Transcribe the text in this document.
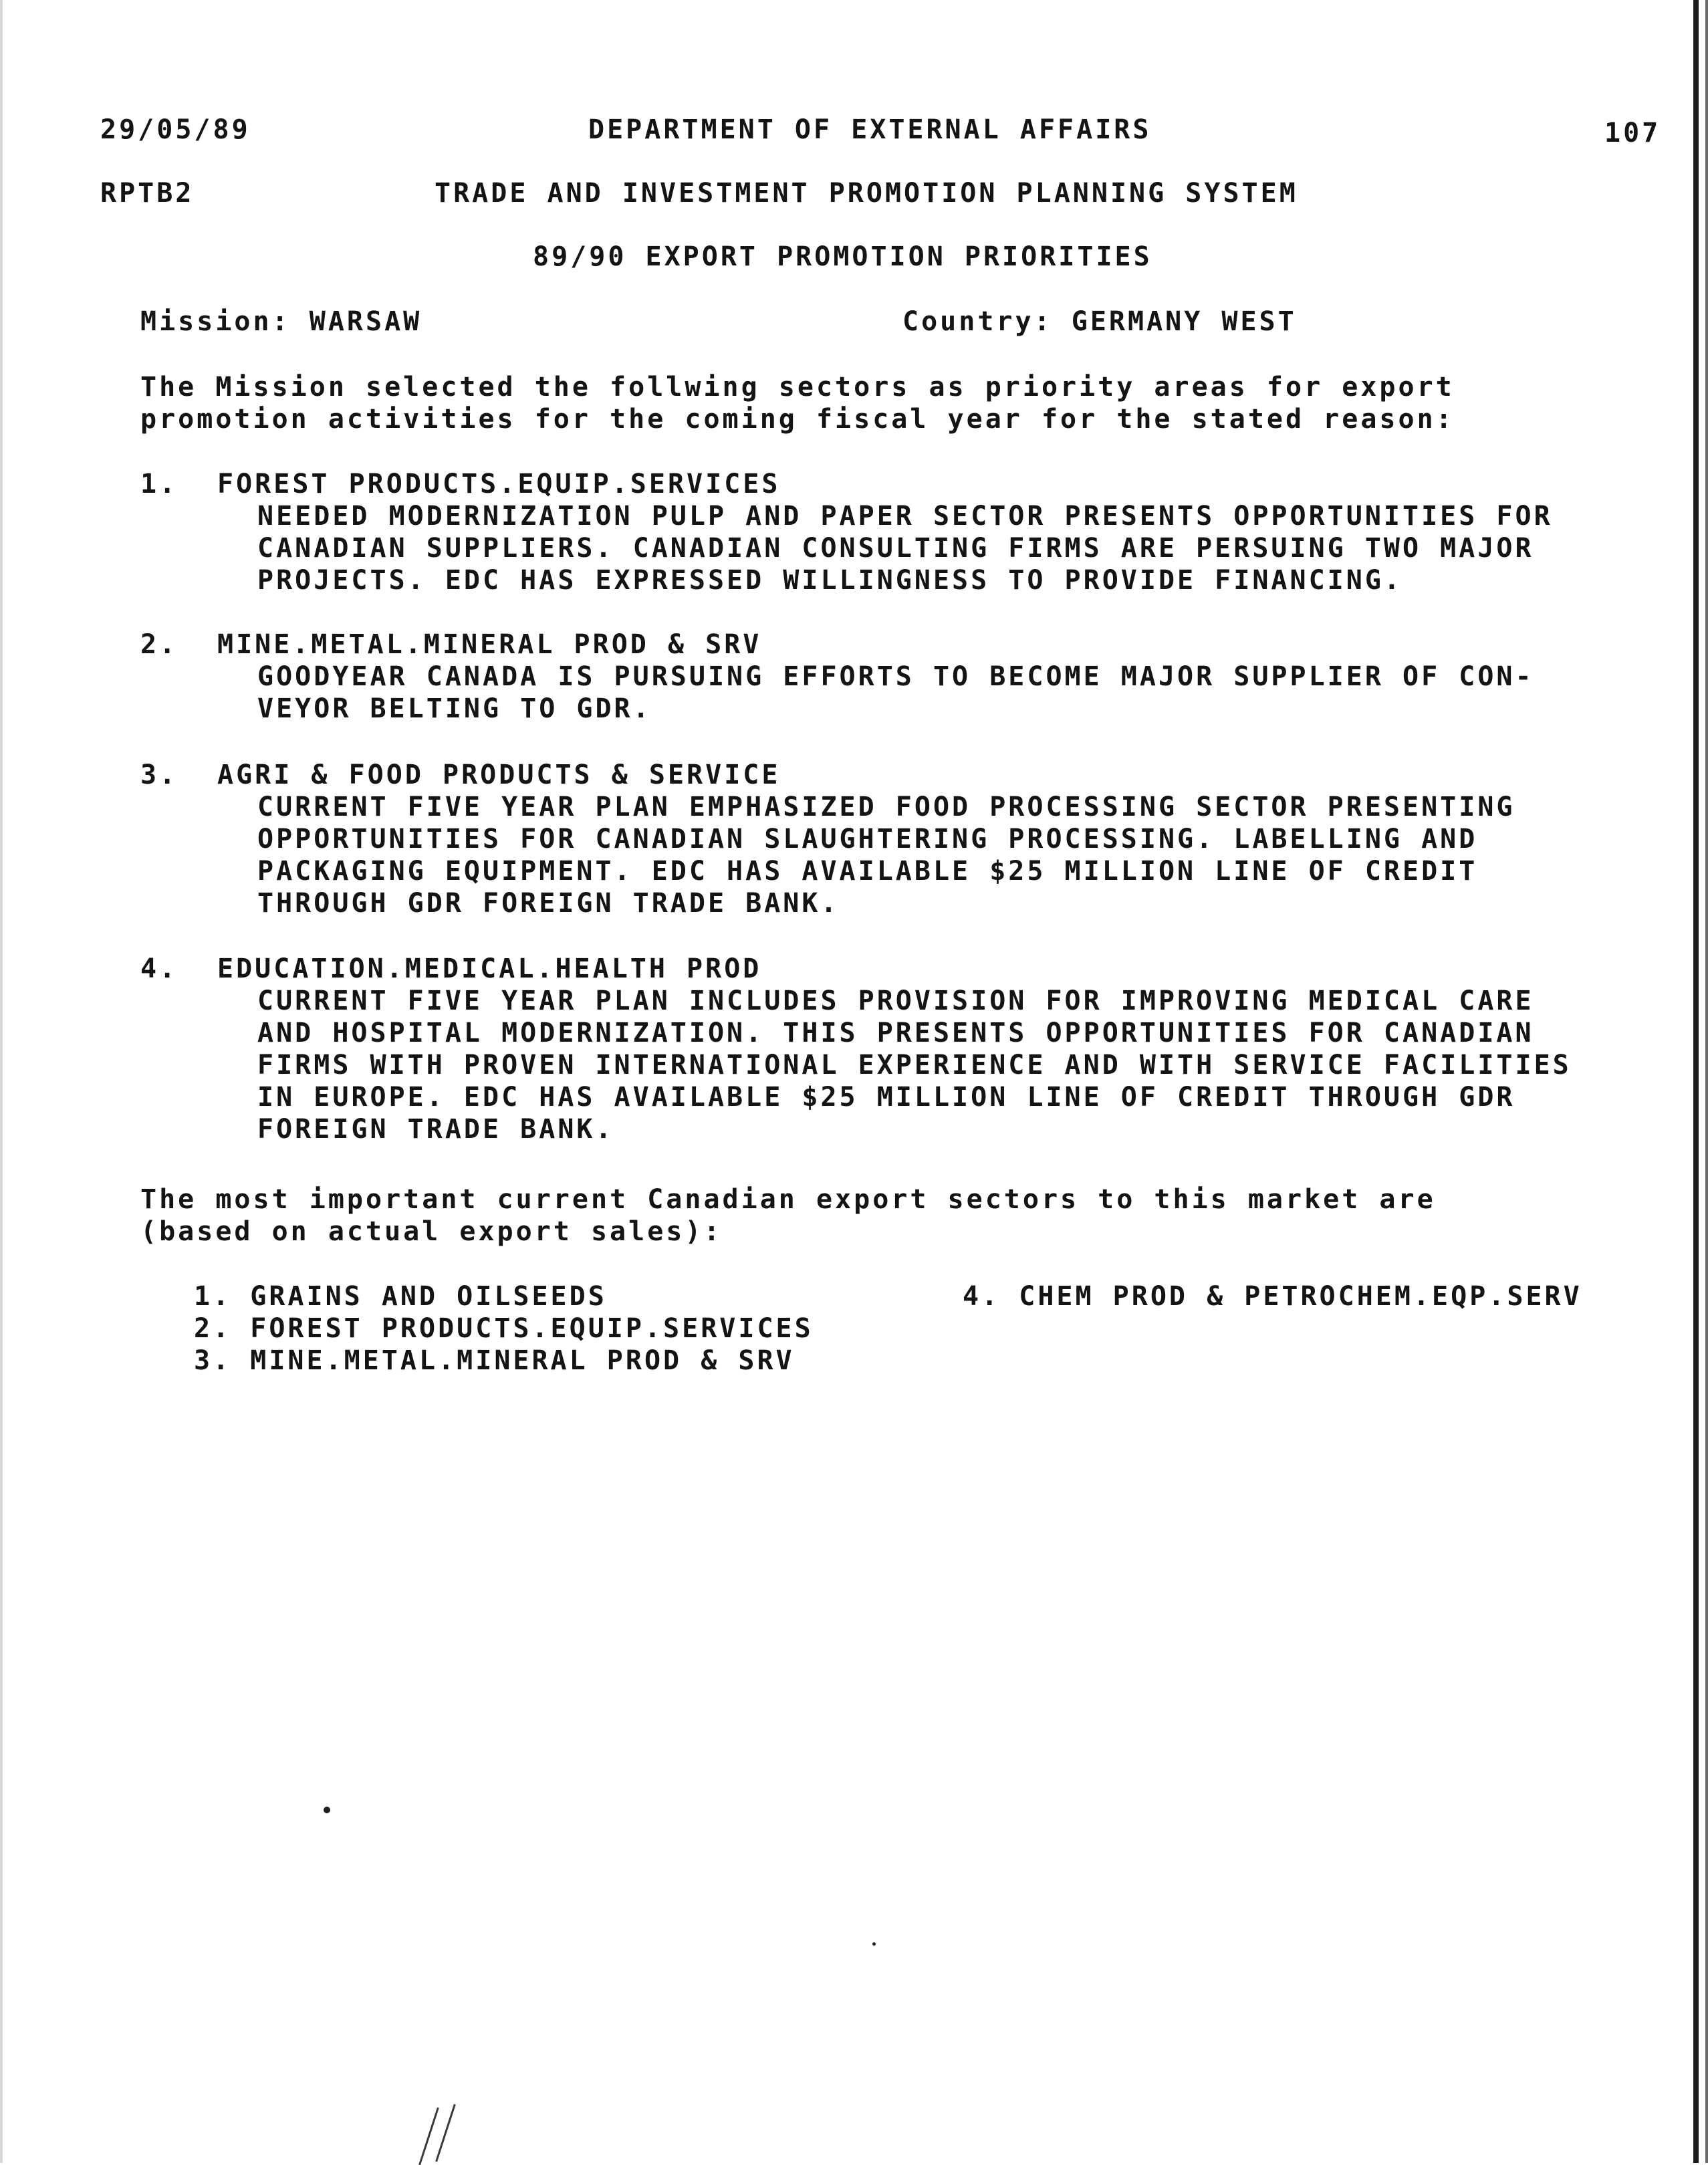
29/05/89	DEPARTMENT OF EXTERNAL AFFAIRS	107
RPTB2	TRADE AND INVESTMENT PROMOTION PLANNING SYSTEM
89/90 EXPORT PROMOTION PRIORITIES
Mission: WARSAW	Country: GERMANY WEST
The Mission selected the follwing sectors as priority areas for export
promotion activities for the coming fiscal year for the stated reason:
1. FOREST PRODUCTS.EQUIP.SERVICES
NEEDED MODERNIZATION PULP AND PAPER SECTOR PRESENTS OPPORTUNITIES FOR
CANADIAN SUPPLIERS. CANADIAN CONSULTING FIRMS ARE PERSUING TWO MAJOR
PROJECTS. EDC HAS EXPRESSED WILLINGNESS TO PROVIDE FINANCING.
2. MINE.METAL.MINERAL PROD & SRV
GOODYEAR CANADA IS PURSUING EFFORTS TO BECOME MAJOR SUPPLIER OF CON-
VEYOR BELTING TO GDR.
3. AGRI & FOOD PRODUCTS & SERVICE
CURRENT FIVE YEAR PLAN EMPHASIZED FOOD PROCESSING SECTOR PRESENTING
OPPORTUNITIES FOR CANADIAN SLAUGHTERING PROCESSING. LABELLING AND
PACKAGING EQUIPMENT. EDC HAS AVAILABLE $25 MILLION LINE OF CREDIT
THROUGH GDR FOREIGN TRADE BANK.
4. EDUCATION.MEDICAL.HEALTH PROD
CURRENT FIVE YEAR PLAN INCLUDES PROVISION FOR IMPROVING MEDICAL CARE
AND HOSPITAL MODERNIZATION. THIS PRESENTS OPPORTUNITIES FOR CANADIAN
FIRMS WITH PROVEN INTERNATIONAL EXPERIENCE AND WITH SERVICE FACILITIES
IN EUROPE. EDC HAS AVAILABLE $25 MILLION LINE OF CREDIT THROUGH GDR
FOREIGN TRADE BANK.
The most important current Canadian export sectors to this market are
(based on actual export sales):
1. GRAINS AND OILSEEDS
2. FOREST PRODUCTS.EQUIP.SERVICES
3. MINE.METAL.MINERAL PROD & SRV
4. CHEM PROD & PETROCHEM.EQP.SERV
